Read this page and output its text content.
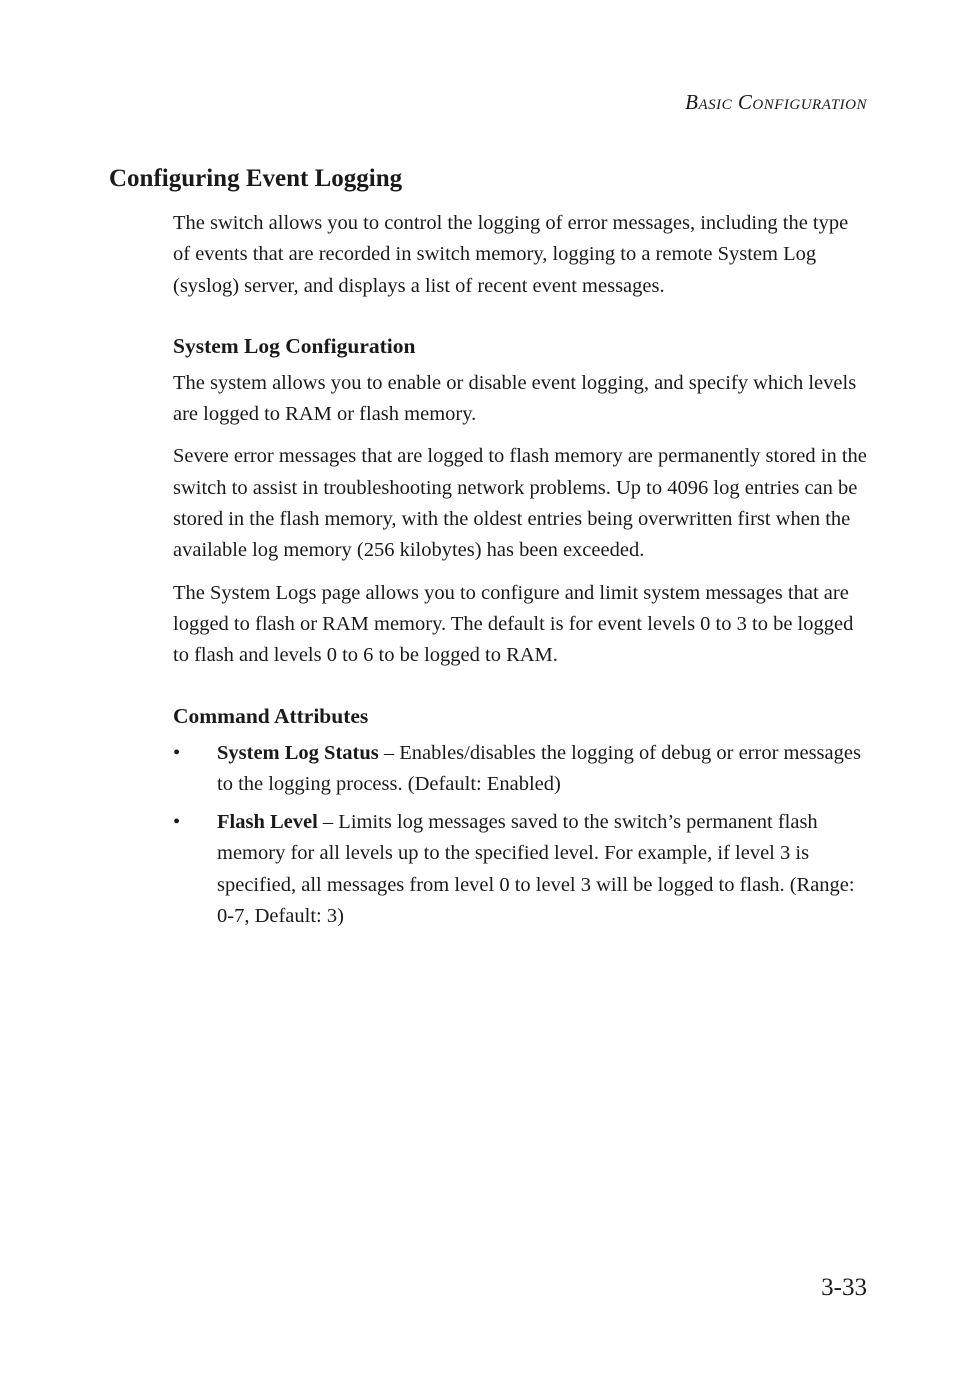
Basic Configuration
Configuring Event Logging

The switch allows you to control the logging of error messages, including the type of events that are recorded in switch memory, logging to a remote System Log (syslog) server, and displays a list of recent event messages.

System Log Configuration

The system allows you to enable or disable event logging, and specify which levels are logged to RAM or flash memory.

Severe error messages that are logged to flash memory are permanently stored in the switch to assist in troubleshooting network problems. Up to 4096 log entries can be stored in the flash memory, with the oldest entries being overwritten first when the available log memory (256 kilobytes) has been exceeded.

The System Logs page allows you to configure and limit system messages that are logged to flash or RAM memory. The default is for event levels 0 to 3 to be logged to flash and levels 0 to 6 to be logged to RAM.

Command Attributes
• System Log Status – Enables/disables the logging of debug or error messages to the logging process. (Default: Enabled)
• Flash Level – Limits log messages saved to the switch’s permanent flash memory for all levels up to the specified level. For example, if level 3 is specified, all messages from level 0 to level 3 will be logged to flash. (Range: 0-7, Default: 3)
3-33
